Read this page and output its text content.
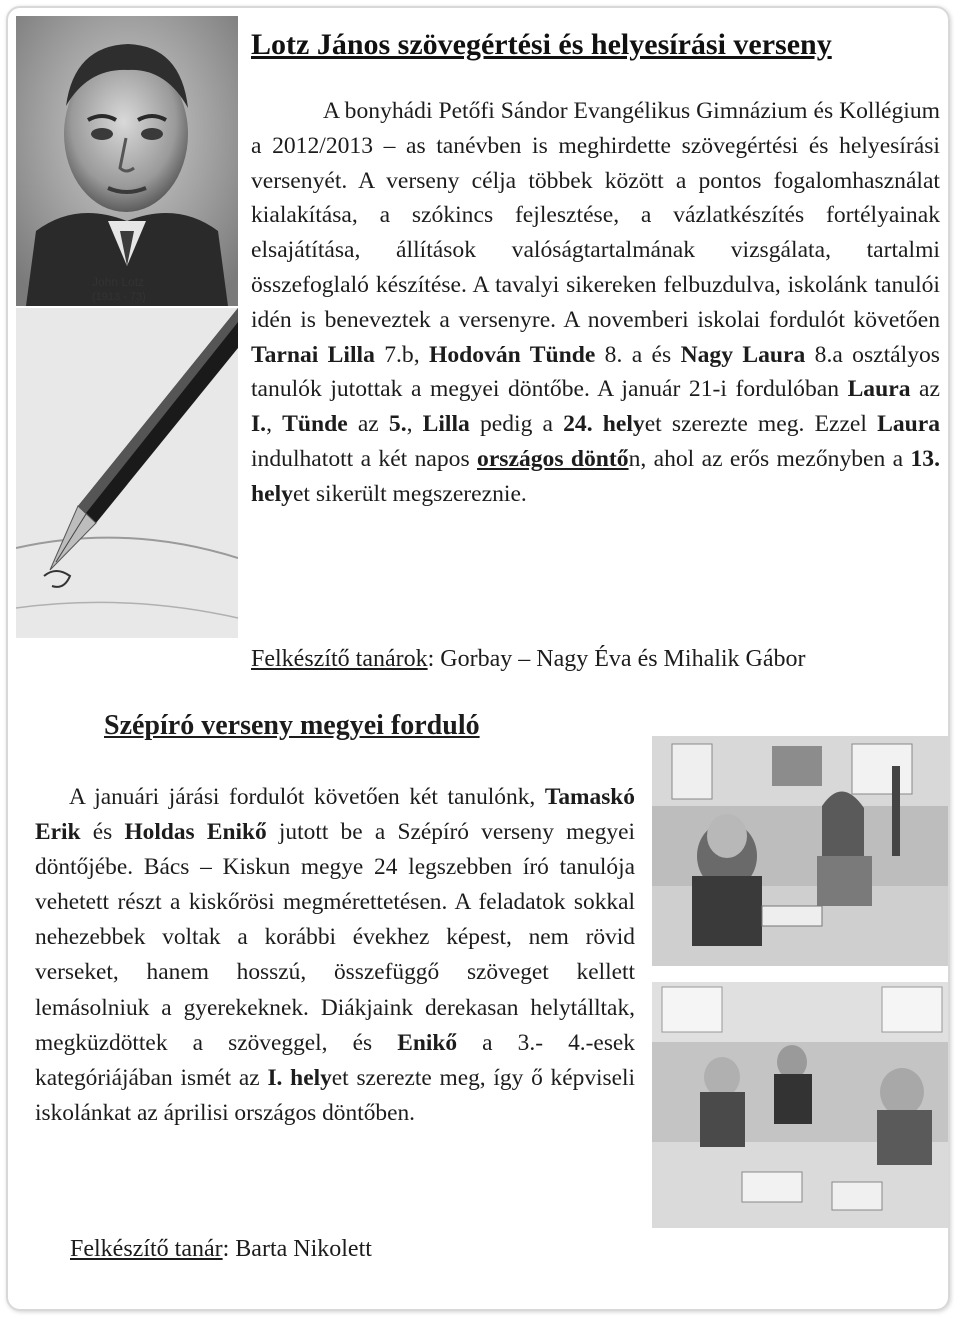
John Lotz
(1913 - 73)
Lotz János szövegértési és helyesírási verseny

A bonyhádi Petőfi Sándor Evangélikus Gimnázium és Kollégium a 2012/2013 – as tanévben is meghirdette szövegértési és helyesírási versenyét. A verseny célja többek között a pontos fogalomhasználat kialakítása, a szókincs fejlesztése, a vázlatkészítés fortélyainak elsajátítása, állítások valóságtartalmának vizsgálata, tartalmi összefoglaló készítése. A tavalyi sikereken felbuzdulva, iskolánk tanulói idén is beneveztek a versenyre. A novemberi iskolai fordulót követően Tarnai Lilla 7.b, Hodován Tünde 8. a és Nagy Laura 8.a osztályos tanulók jutottak a megyei döntőbe. A január 21-i fordulóban Laura az I., Tünde az 5., Lilla pedig a 24. helyet szerezte meg. Ezzel Laura indulhatott a két napos országos döntőn, ahol az erős mezőnyben a 13. helyet sikerült megszereznie.

Felkészítő tanárok: Gorbay – Nagy Éva és Mihalik Gábor

Szépíró verseny megyei forduló

A januári járási fordulót követően két tanulónk, Tamaskó Erik és Holdas Enikő jutott be a Szépíró verseny megyei döntőjébe. Bács – Kiskun megye 24 legszebben író tanulója vehetett részt a kiskőrösi megmérettetésen. A feladatok sokkal nehezebbek voltak a korábbi évekhez képest, nem rövid verseket, hanem hosszú, összefüggő szöveget kellett lemásolniuk a gyerekeknek. Diákjaink derekasan helytálltak, megküzdöttek a szöveggel, és Enikő a 3.- 4.-esek kategóriájában ismét az I. helyet szerezte meg, így ő képviseli iskolánkat az áprilisi országos döntőben.

Felkészítő tanár: Barta Nikolett
